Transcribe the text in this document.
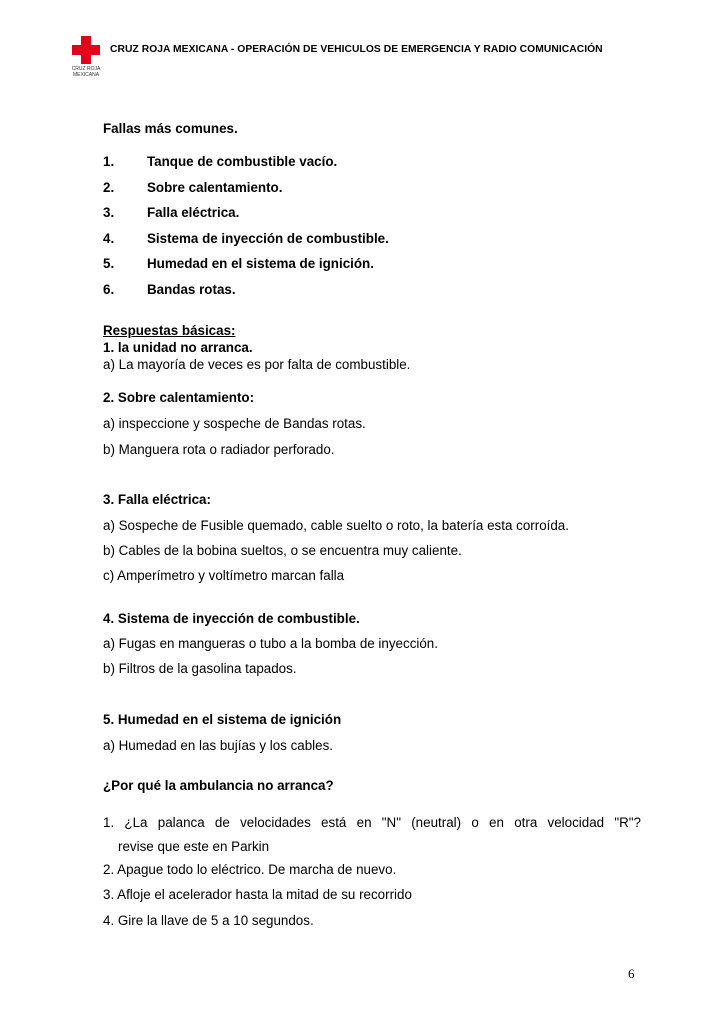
CRUZ ROJA MEXICANA
CRUZ ROJA MEXICANA - OPERACIÓN DE VEHICULOS DE EMERGENCIA Y RADIO COMUNICACIÓN
Fallas más comunes.
1. Tanque de combustible vacío.
2. Sobre calentamiento.
3. Falla eléctrica.
4. Sistema de inyección de combustible.
5. Humedad en el sistema de ignición.
6. Bandas rotas.
Respuestas básicas:
1. la unidad no arranca.
a) La mayoría de veces es por falta de combustible.
2. Sobre calentamiento:
a) inspeccione y sospeche de Bandas rotas.
b) Manguera rota o radiador perforado.
3. Falla eléctrica:
a) Sospeche de Fusible quemado, cable suelto o roto, la batería esta corroída.
b) Cables de la bobina sueltos, o se encuentra muy caliente.
c) Amperímetro y voltímetro marcan falla
4. Sistema de inyección de combustible.
a) Fugas en mangueras o tubo a la bomba de inyección.
b) Filtros de la gasolina tapados.
5. Humedad en el sistema de ignición
a) Humedad en las bujías y los cables.
¿Por qué la ambulancia no arranca?
1. ¿La palanca de velocidades está en "N" (neutral) o en otra velocidad "R"?
revise que este en Parkin
2. Apague todo lo eléctrico. De marcha de nuevo.
3. Afloje el acelerador hasta la mitad de su recorrido
4. Gire la llave de 5 a 10 segundos.
6
